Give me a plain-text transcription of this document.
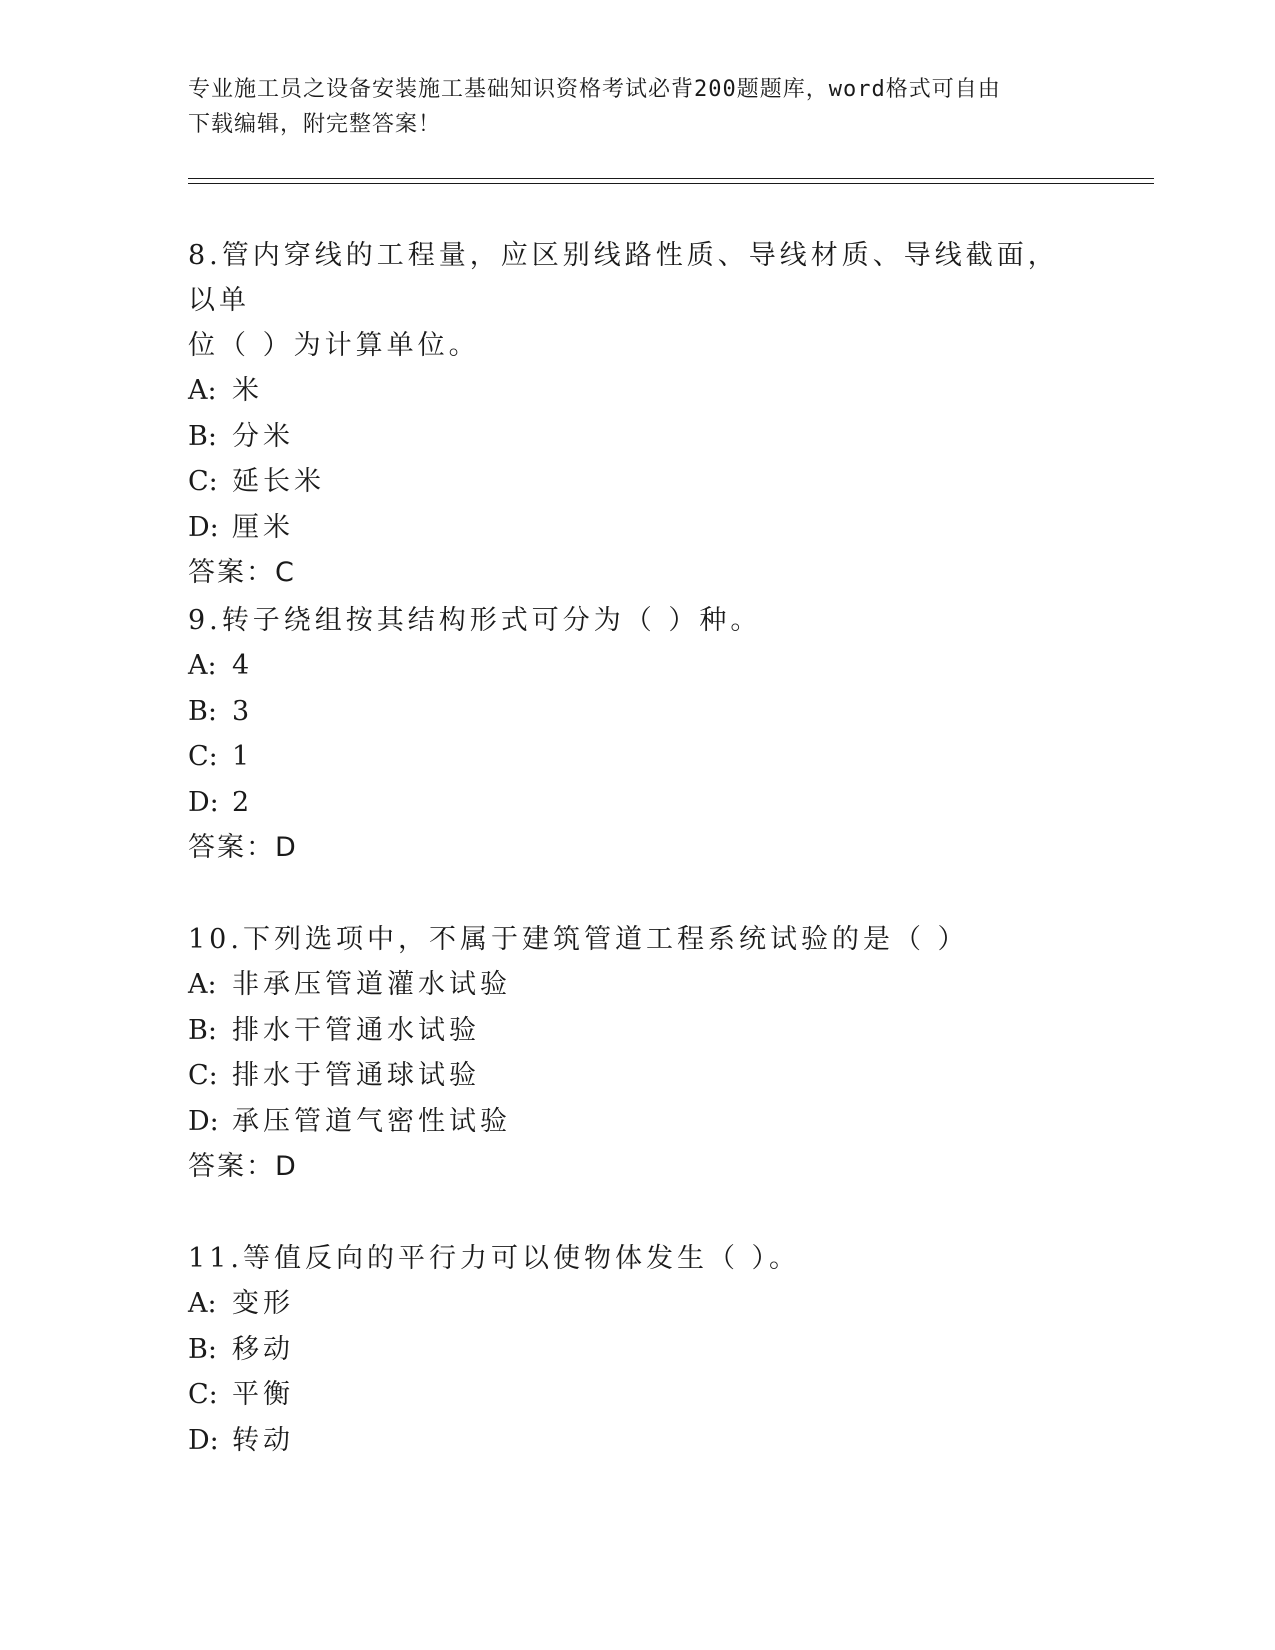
专业施工员之设备安装施工基础知识资格考试必背200题题库，word格式可自由
下载编辑，附完整答案！

8.管内穿线的工程量，应区别线路性质、导线材质、导线截面，以单

位（ ）为计算单位。

A: 米

B: 分米

C: 延长米

D: 厘米

答案：C

9.转子绕组按其结构形式可分为（ ）种。

A: 4

B: 3

C: 1

D: 2

答案：D

10.下列选项中，不属于建筑管道工程系统试验的是（ ）

A: 非承压管道灌水试验

B: 排水干管通水试验

C: 排水于管通球试验

D: 承压管道气密性试验

答案：D

11.等值反向的平行力可以使物体发生（ ）。

A: 变形

B: 移动

C: 平衡

D: 转动
